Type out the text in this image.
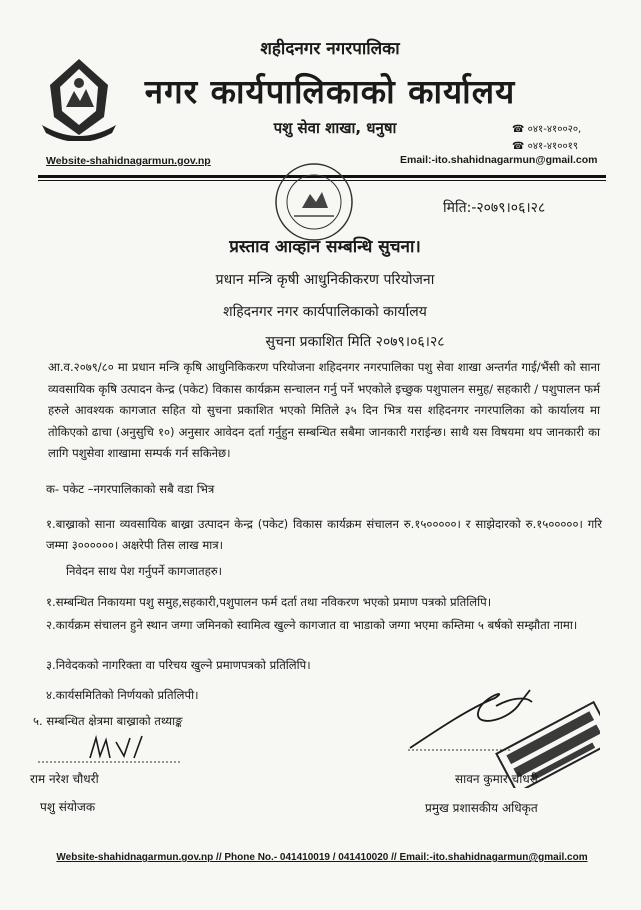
शहीदनगर नगरपालिका
नगर कार्यपालिकाको कार्यालय
पशु सेवा शाखा, धनुषा	☎ ०४१-४१००२०,
☎ ०४१-४१००१९
Website-shahidnagarmun.gov.np	Email:-ito.shahidnagarmun@gmail.com
मिति:-२०७९।०६।२८
प्रस्ताव आव्हान सम्बन्धि सुचना।
प्रधान मन्त्रि कृषी आधुनिकीकरण परियोजना
शहिदनगर नगर कार्यपालिकाको कार्यालय
सुचना प्रकाशित मिति २०७९।०६।२८
आ.व.२०७९/८० मा प्रधान मन्त्रि कृषि आधुनिकिकरण परियोजना शहिदनगर नगरपालिका पशु सेवा शाखा अन्तर्गत गाई/भैंसी को साना व्यवसायिक कृषि उत्पादन केन्द्र (पकेट) विकास कार्यक्रम सन्चालन गर्नु पर्ने भएकोले इच्छुक पशुपालन समुह/ सहकारी / पशुपालन फर्म हरुले आवश्यक कागजात सहित यो सुचना प्रकाशित भएको मितिले ३५ दिन भित्र यस शहिदनगर नगरपालिका को कार्यालय मा तोकिएको ढाचा (अनुसुचि १०) अनुसार आवेदन दर्ता गर्नुहुन सम्बन्धित सबैमा जानकारी गराईन्छ। साथै यस विषयमा थप जानकारी का लागि पशुसेवा शाखामा सम्पर्क गर्न सकिनेछ।
क- पकेट –नगरपालिकाको सबै वडा भित्र
१.बाख्राको साना व्यवसायिक बाख्रा उत्पादन केन्द्र (पकेट) विकास कार्यक्रम संचालन रु.१५०००००। र साझेदारको रु.१५०००००। गरि जम्मा ३००००००। अक्षरेपी तिस लाख मात्र।
निवेदन साथ पेश गर्नुपर्ने कागजातहरु।
१.सम्बन्धित निकायमा पशु समुह,सहकारी,पशुपालन फर्म दर्ता तथा नविकरण भएको प्रमाण पत्रको प्रतिलिपि।
२.कार्यक्रम संचालन हुने स्थान जग्गा जमिनको स्वामित्व खुल्ने कागजात वा भाडाको जग्गा भएमा कम्तिमा ५ बर्षको सम्झौता नामा।
३.निवेदकको नागरिक्ता वा परिचय खुल्ने प्रमाणपत्रको प्रतिलिपि।
४.कार्यसमितिको निर्णयको प्रतिलिपी।
५. सम्बन्धित क्षेत्रमा बाख्राको तथ्याङ्क
राम नरेश चौधरी
पशु संयोजक
सावन कुमार चौधरी
प्रमुख प्रशासकीय अधिकृत
Website-shahidnagarmun.gov.np // Phone No.- 041410019 / 041410020 // Email:-ito.shahidnagarmun@gmail.com
